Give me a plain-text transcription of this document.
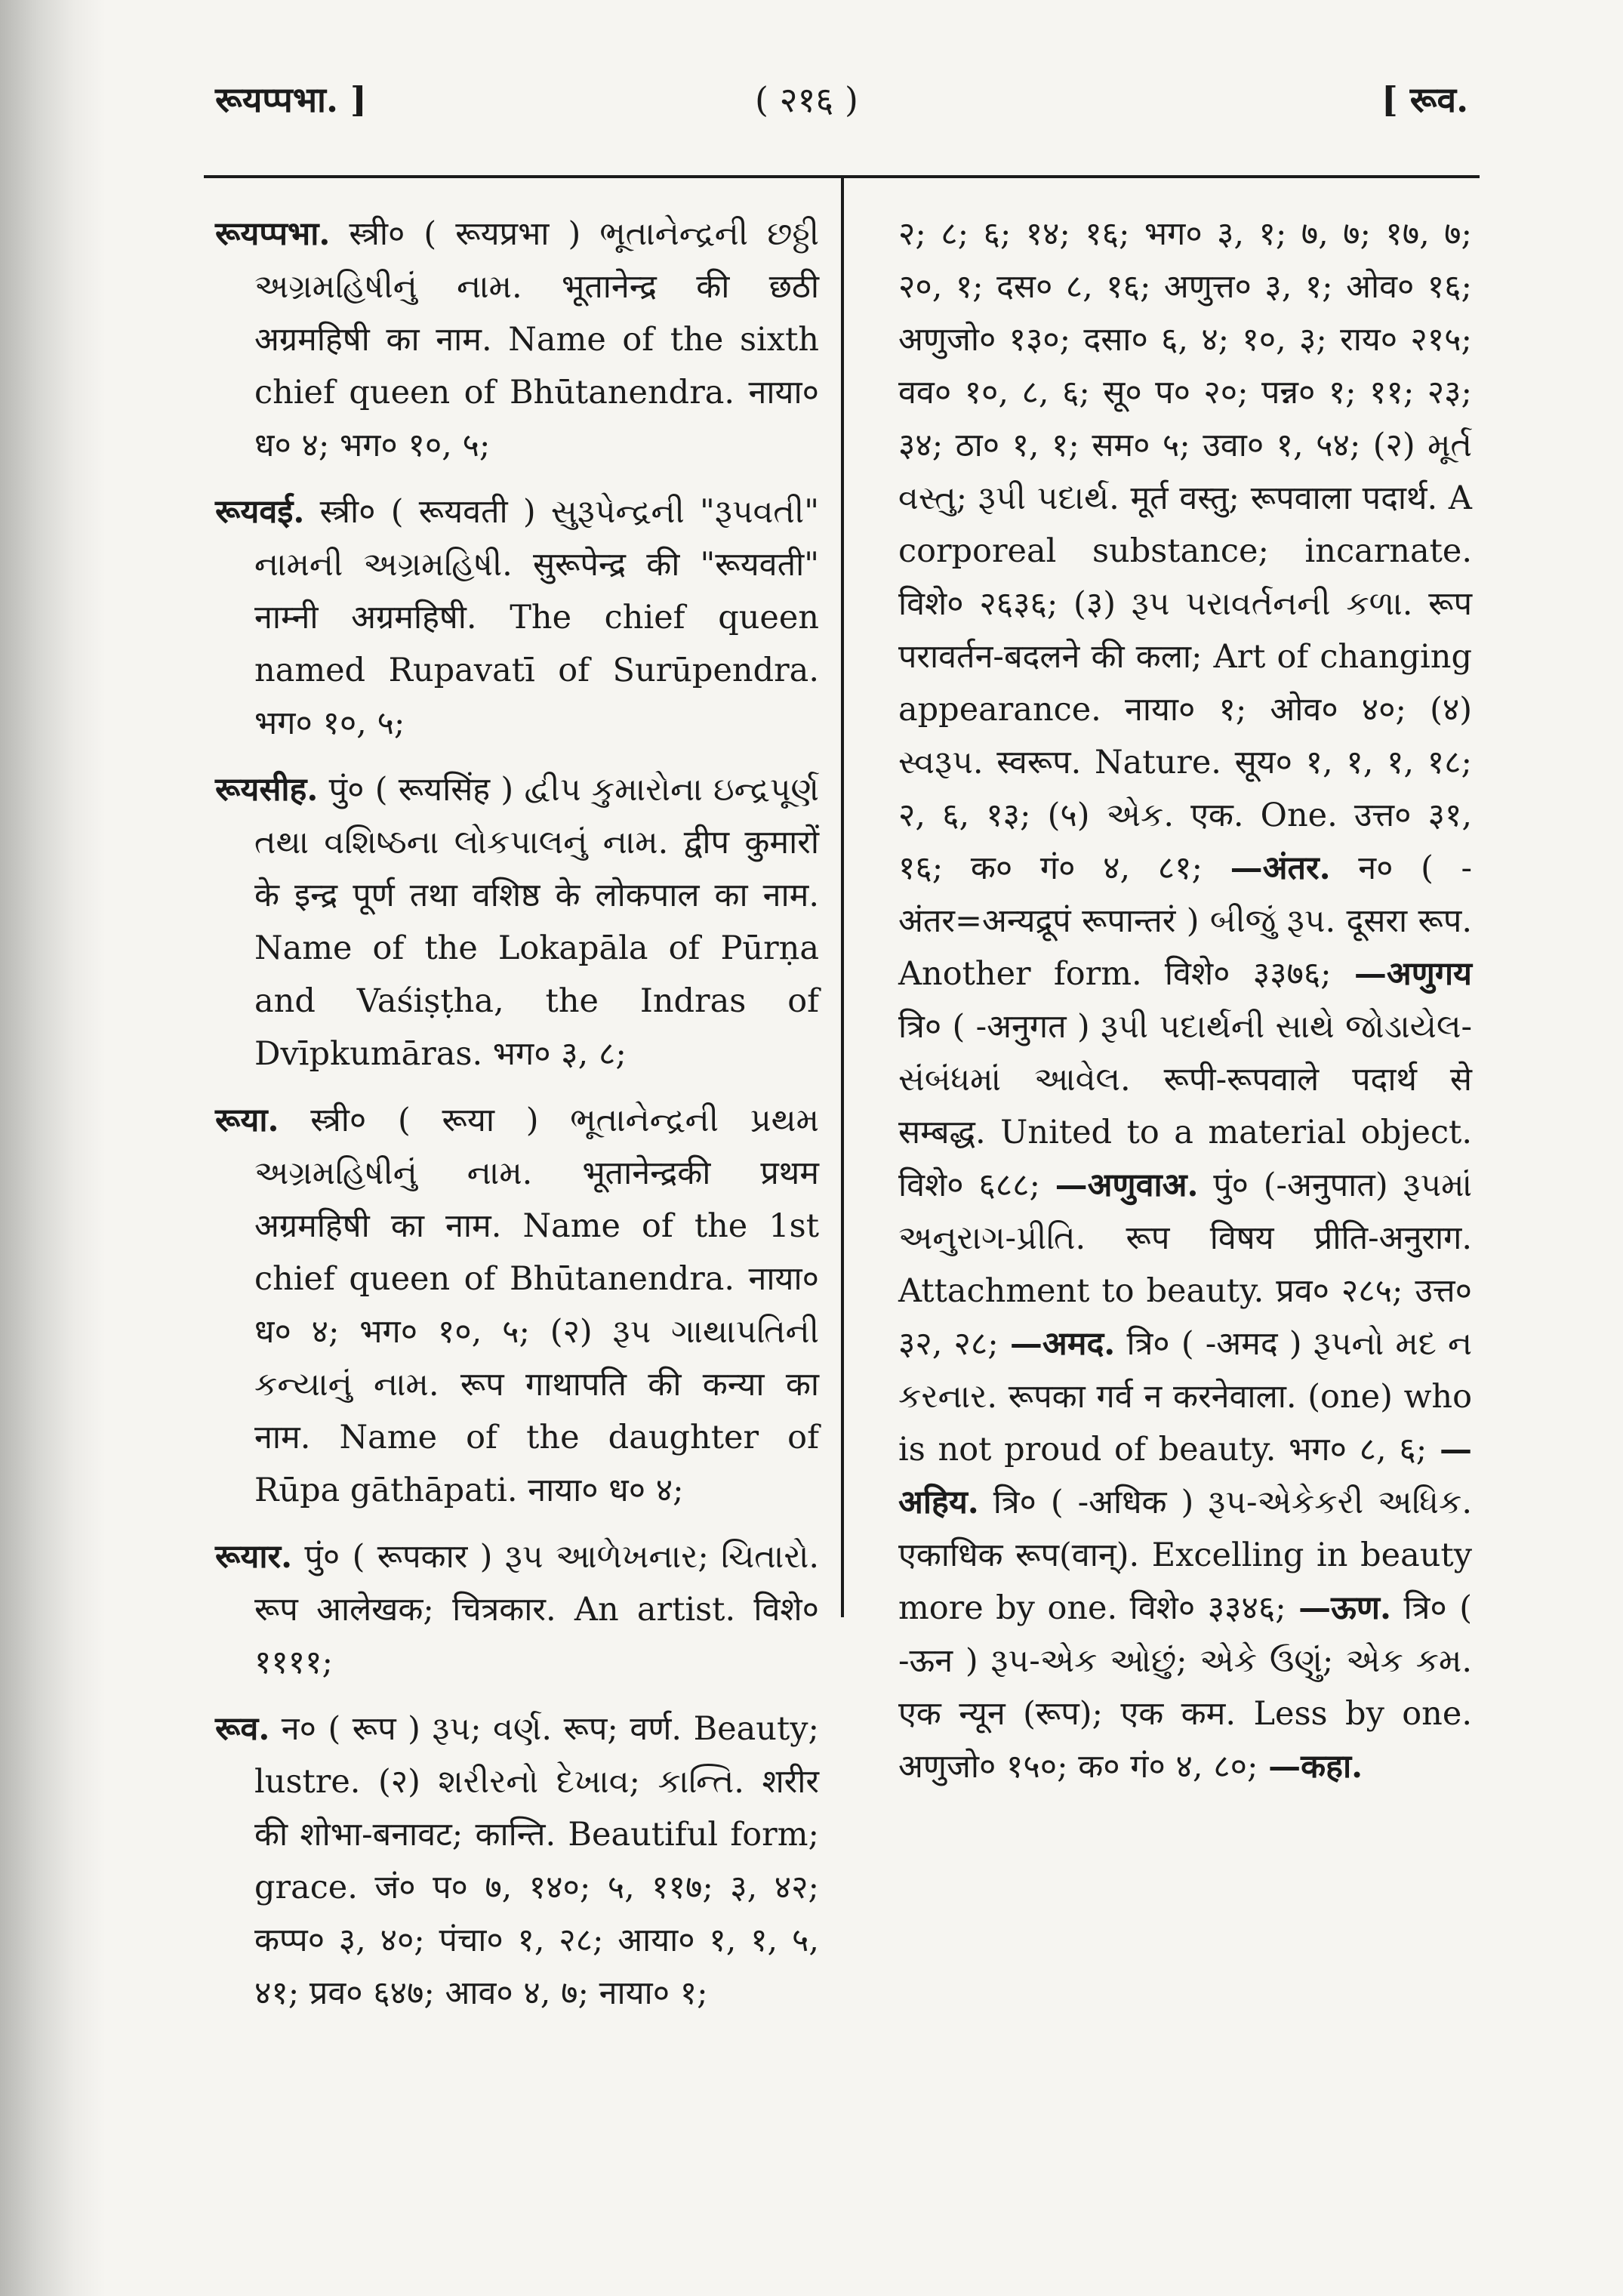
रूयप्पभा. ]	( २१६ )	[ रूव.

रूयप्पभा. स्त्री० ( रूयप्रभा ) ભૂતાનેન્દ્રની છઠ્ઠી અગ્રમહિષીનું નામ. भूतानेन्द्र की छठी अग्रमहिषी का नाम. Name of the sixth chief queen of Bhūtanendra. नाया० ध० ४; भग० १०, ५;

रूयवई. स्त्री० ( रूयवती ) સુરૂપેન્દ્રની "રૂપવતી" નામની અગ્રમહિષી. सुरूपेन्द्र की "रूयवती" नाम्नी अग्रमहिषी. The chief queen named Rupavatī of Surūpendra. भग० १०, ५;

रूयसीह. पुं० ( रूयसिंह ) દ્વીપ કુમારોના ઇન્દ્રપૂર્ણ તથા વશિષ્ઠના લોકપાલનું નામ. द्वीप कुमारों के इन्द्र पूर्ण तथा वशिष्ठ के लोकपाल का नाम. Name of the Lokapāla of Pūrṇa and Vaśiṣṭha, the Indras of Dvīpkumāras. भग० ३, ८;

रूया. स्त्री० ( रूया ) ભૂતાનેન્દ્રની પ્રથમ અગ્રમહિષીનું નામ. भूतानेन्द्रकी प्रथम अग्रमहिषी का नाम. Name of the 1st chief queen of Bhūtanendra. नाया० ध० ४; भग० १०, ५; (२) રૂપ ગાથાપતિની કન્યાનું નામ. रूप गाथापति की कन्या का नाम. Name of the daughter of Rūpa gāthāpati. नाया० ध० ४;

रूयार. पुं० ( रूपकार ) રૂપ આળેખનાર; ચિતારો. रूप आलेखक; चित्रकार. An artist. विशे० ११११;

रूव. न० ( रूप ) રૂપ; વર્ણ. रूप; वर्ण. Beauty; lustre. (२) શરીરનો દેખાવ; કાન્તિ. शरीर की शोभा-बनावट; कान्ति. Beautiful form; grace. जं० प० ७, १४०; ५, ११७; ३, ४२; कप्प० ३, ४०; पंचा० १, २८; आया० १, १, ५, ४१; प्रव० ६४७; आव० ४, ७; नाया० १;

२; ८; ६; १४; १६; भग० ३, १; ७, ७; १७, ७; २०, १; दस० ८, १६; अणुत्त० ३, १; ओव० १६; अणुजो० १३०; दसा० ६, ४; १०, ३; राय० २१५; वव० १०, ८, ६; सू० प० २०; पन्न० १; ११; २३; ३४; ठा० १, १; सम० ५; उवा० १, ५४; (२) મૂર્ત વસ્તુ; રૂપી પદાર્થ. मूर्त वस्तु; रूपवाला पदार्थ. A corporeal substance; incarnate. विशे० २६३६; (३) રૂપ પરાવર્તનની કળા. रूप परावर्तन-बदलने की कला; Art of changing appearance. नाया० १; ओव० ४०; (४) સ્વરૂપ. स्वरूप. Nature. सूय० १, १, १, १८; २, ६, १३; (५) એક. एक. One. उत्त० ३१, १६; क० गं० ४, ८१; —अंतर. न० ( -अंतर=अन्यद्रूपं रूपान्तरं ) બીજું રૂપ. दूसरा रूप. Another form. विशे० ३३७६; —अणुगय त्रि० ( -अनुगत ) રૂપી પદાર્થની સાથે જોડાયેલ-સંબંધમાં આવેલ. रूपी-रूपवाले पदार्थ से सम्बद्ध. United to a material object. विशे० ६८८; —अणुवाअ. पुं० (-अनुपात) રૂપમાં અનુરાગ-પ્રીતિ. रूप विषय प्रीति-अनुराग. Attachment to beauty. प्रव० २८५; उत्त० ३२, २८; —अमद. त्रि० ( -अमद ) રૂપનો મદ ન કરનાર. रूपका गर्व न करनेवाला. (one) who is not proud of beauty. भग० ८, ६; —अहिय. त्रि० ( -अधिक ) રૂપ-એકેકરી અધિક. एकाधिक रूप(वान्). Excelling in beauty more by one. विशे० ३३४६; —ऊण. त्रि० ( -ऊन ) રૂપ-એક ઓછું; એકે ઉણું; એક કમ. एक न्यून (रूप); एक कम. Less by one. अणुजो० १५०; क० गं० ४, ८०; —कहा.
